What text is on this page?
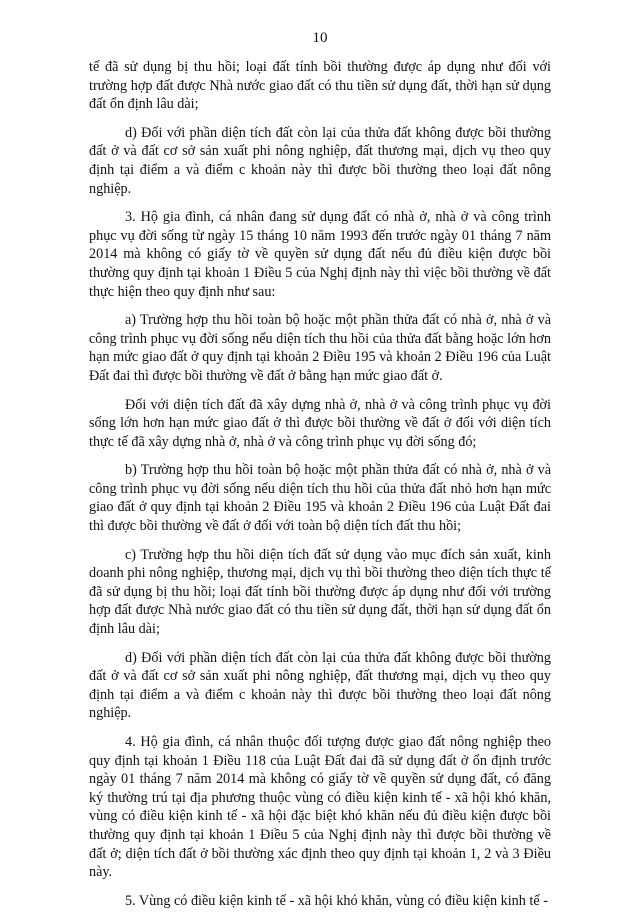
10

tế đã sử dụng bị thu hồi; loại đất tính bồi thường được áp dụng như đối với trường hợp đất được Nhà nước giao đất có thu tiền sử dụng đất, thời hạn sử dụng đất ổn định lâu dài;

d) Đối với phần diện tích đất còn lại của thửa đất không được bồi thường đất ở và đất cơ sở sản xuất phi nông nghiệp, đất thương mại, dịch vụ theo quy định tại điểm a và điểm c khoản này thì được bồi thường theo loại đất nông nghiệp.

3. Hộ gia đình, cá nhân đang sử dụng đất có nhà ở, nhà ở và công trình phục vụ đời sống từ ngày 15 tháng 10 năm 1993 đến trước ngày 01 tháng 7 năm 2014 mà không có giấy tờ về quyền sử dụng đất nếu đủ điều kiện được bồi thường quy định tại khoản 1 Điều 5 của Nghị định này thì việc bồi thường về đất thực hiện theo quy định như sau:

a) Trường hợp thu hồi toàn bộ hoặc một phần thửa đất có nhà ở, nhà ở và công trình phục vụ đời sống nếu diện tích thu hồi của thửa đất bằng hoặc lớn hơn hạn mức giao đất ở quy định tại khoản 2 Điều 195 và khoản 2 Điều 196 của Luật Đất đai thì được bồi thường về đất ở bằng hạn mức giao đất ở.

Đối với diện tích đất đã xây dựng nhà ở, nhà ở và công trình phục vụ đời sống lớn hơn hạn mức giao đất ở thì được bồi thường về đất ở đối với diện tích thực tế đã xây dựng nhà ở, nhà ở và công trình phục vụ đời sống đó;

b) Trường hợp thu hồi toàn bộ hoặc một phần thửa đất có nhà ở, nhà ở và công trình phục vụ đời sống nếu diện tích thu hồi của thửa đất nhỏ hơn hạn mức giao đất ở quy định tại khoản 2 Điều 195 và khoản 2 Điều 196 của Luật Đất đai thì được bồi thường về đất ở đối với toàn bộ diện tích đất thu hồi;

c) Trường hợp thu hồi diện tích đất sử dụng vào mục đích sản xuất, kinh doanh phi nông nghiệp, thương mại, dịch vụ thì bồi thường theo diện tích thực tế đã sử dụng bị thu hồi; loại đất tính bồi thường được áp dụng như đối với trường hợp đất được Nhà nước giao đất có thu tiền sử dụng đất, thời hạn sử dụng đất ổn định lâu dài;

d) Đối với phần diện tích đất còn lại của thửa đất không được bồi thường đất ở và đất cơ sở sản xuất phi nông nghiệp, đất thương mại, dịch vụ theo quy định tại điểm a và điểm c khoản này thì được bồi thường theo loại đất nông nghiệp.

4. Hộ gia đình, cá nhân thuộc đối tượng được giao đất nông nghiệp theo quy định tại khoản 1 Điều 118 của Luật Đất đai đã sử dụng đất ở ổn định trước ngày 01 tháng 7 năm 2014 mà không có giấy tờ về quyền sử dụng đất, có đăng ký thường trú tại địa phương thuộc vùng có điều kiện kinh tế - xã hội khó khăn, vùng có điều kiện kinh tế - xã hội đặc biệt khó khăn nếu đủ điều kiện được bồi thường quy định tại khoản 1 Điều 5 của Nghị định này thì được bồi thường về đất ở; diện tích đất ở bồi thường xác định theo quy định tại khoản 1, 2 và 3 Điều này.

5. Vùng có điều kiện kinh tế - xã hội khó khăn, vùng có điều kiện kinh tế -
